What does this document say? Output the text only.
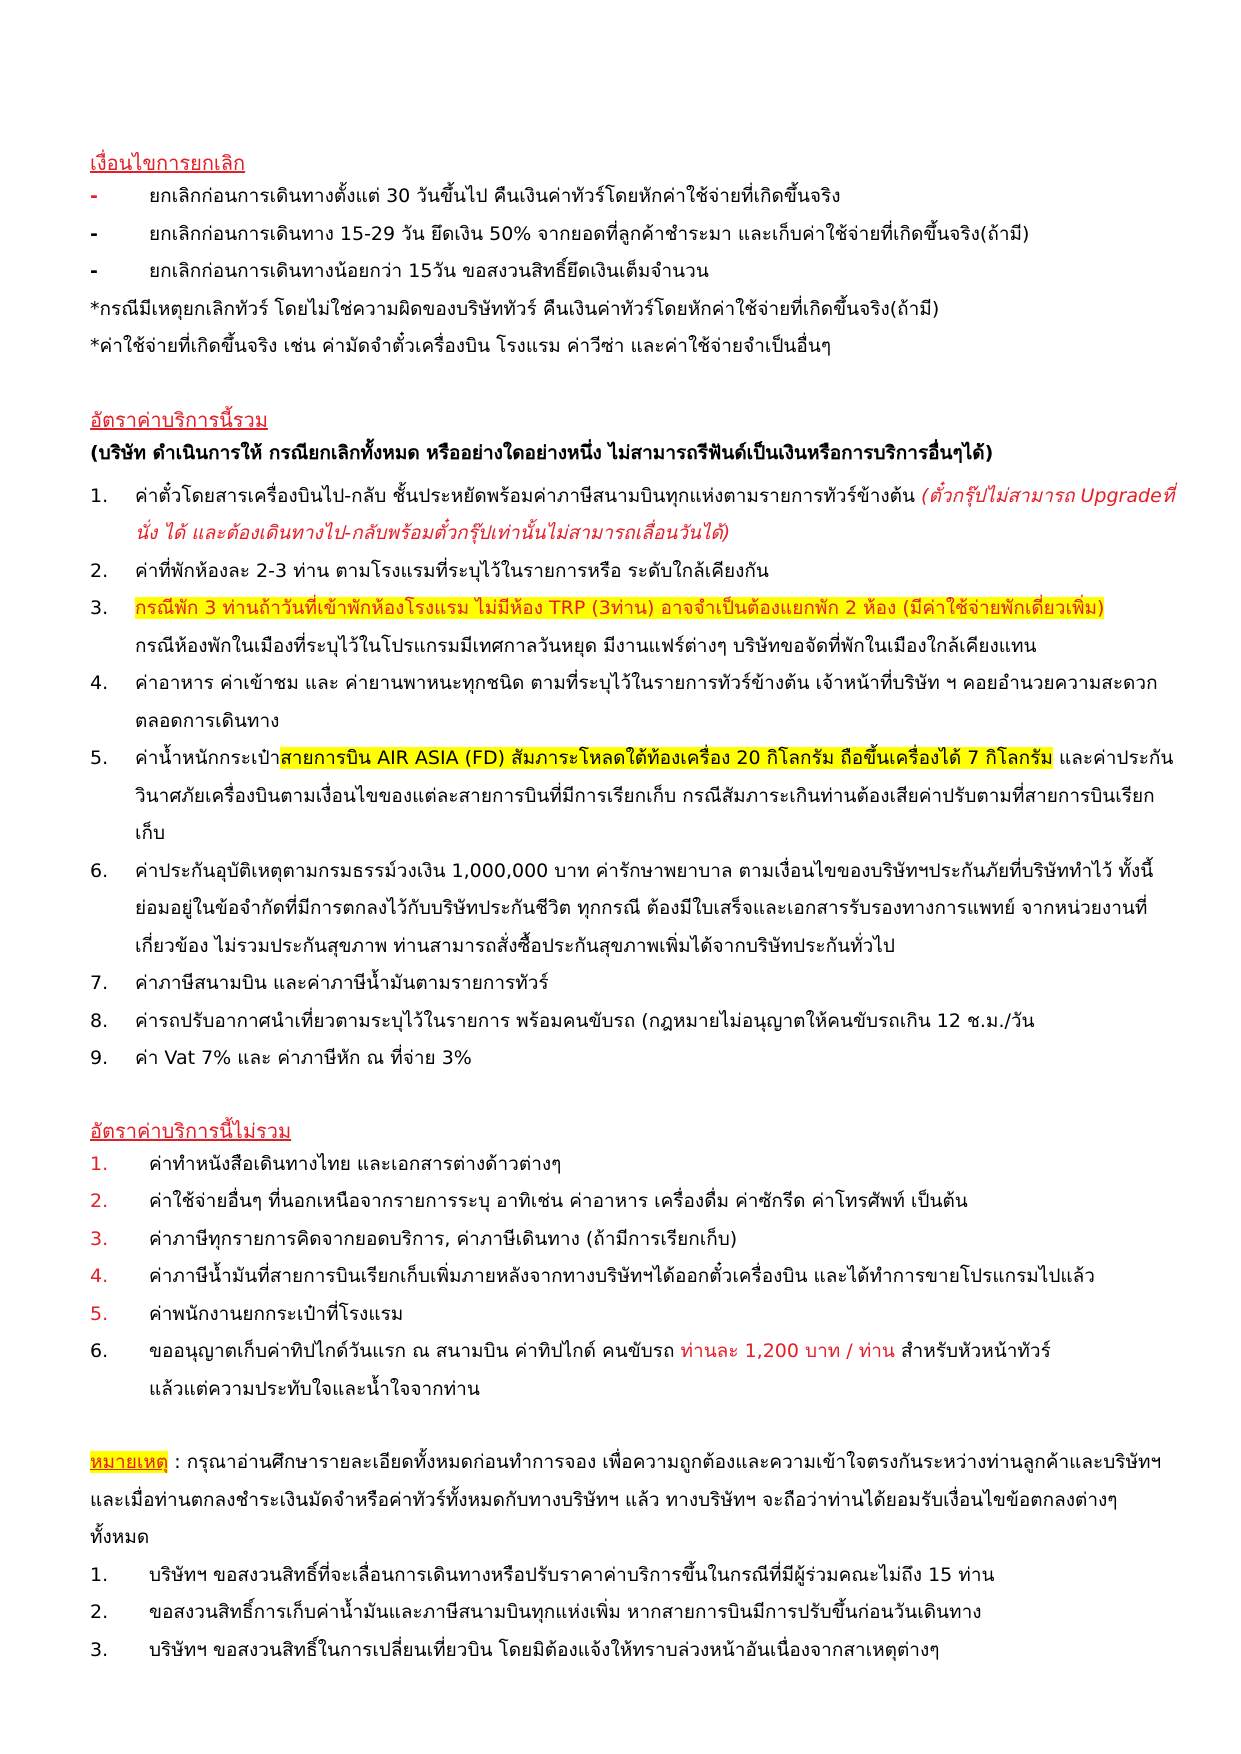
เงื่อนไขการยกเลิก
-	ยกเลิกก่อนการเดินทางตั้งแต่ 30 วันขึ้นไป คืนเงินค่าทัวร์โดยหักค่าใช้จ่ายที่เกิดขึ้นจริง
-	ยกเลิกก่อนการเดินทาง 15-29 วัน ยึดเงิน 50% จากยอดที่ลูกค้าชำระมา และเก็บค่าใช้จ่ายที่เกิดขึ้นจริง(ถ้ามี)
-	ยกเลิกก่อนการเดินทางน้อยกว่า 15วัน ขอสงวนสิทธิ์ยึดเงินเต็มจำนวน
*กรณีมีเหตุยกเลิกทัวร์ โดยไม่ใช่ความผิดของบริษัททัวร์ คืนเงินค่าทัวร์โดยหักค่าใช้จ่ายที่เกิดขึ้นจริง(ถ้ามี)
*ค่าใช้จ่ายที่เกิดขึ้นจริง เช่น ค่ามัดจำตั๋วเครื่องบิน โรงแรม ค่าวีซ่า และค่าใช้จ่ายจำเป็นอื่นๆ
อัตราค่าบริการนี้รวม
(บริษัท ดำเนินการให้ กรณียกเลิกทั้งหมด หรืออย่างใดอย่างหนึ่ง ไม่สามารถรีฟันด์เป็นเงินหรือการบริการอื่นๆได้)
1.	ค่าตั๋วโดยสารเครื่องบินไป-กลับ ชั้นประหยัดพร้อมค่าภาษีสนามบินทุกแห่งตามรายการทัวร์ข้างต้น (ตั๋วกรุ๊ปไม่สามารถ Upgradeที่นั่ง ได้ และต้องเดินทางไป-กลับพร้อมตั๋วกรุ๊ปเท่านั้นไม่สามารถเลื่อนวันได้)
2.	ค่าที่พักห้องละ 2-3 ท่าน ตามโรงแรมที่ระบุไว้ในรายการหรือ ระดับใกล้เคียงกัน
3.	กรณีพัก 3 ท่านถ้าวันที่เข้าพักห้องโรงแรม ไม่มีห้อง TRP (3ท่าน) อาจจำเป็นต้องแยกพัก 2 ห้อง (มีค่าใช้จ่ายพักเดี่ยวเพิ่ม)
กรณีห้องพักในเมืองที่ระบุไว้ในโปรแกรมมีเทศกาลวันหยุด มีงานแฟร์ต่างๆ บริษัทขอจัดที่พักในเมืองใกล้เคียงแทน
4.	ค่าอาหาร ค่าเข้าชม และ ค่ายานพาหนะทุกชนิด ตามที่ระบุไว้ในรายการทัวร์ข้างต้น เจ้าหน้าที่บริษัท ฯ คอยอำนวยความสะดวกตลอดการเดินทาง
5.	ค่าน้ำหนักกระเป๋าสายการบิน AIR ASIA (FD) สัมภาระโหลดใต้ท้องเครื่อง 20 กิโลกรัม ถือขึ้นเครื่องได้ 7 กิโลกรัม และค่าประกันวินาศภัยเครื่องบินตามเงื่อนไขของแต่ละสายการบินที่มีการเรียกเก็บ กรณีสัมภาระเกินท่านต้องเสียค่าปรับตามที่สายการบินเรียกเก็บ
6.	ค่าประกันอุบัติเหตุตามกรมธรรม์วงเงิน 1,000,000 บาท ค่ารักษาพยาบาล ตามเงื่อนไขของบริษัทฯประกันภัยที่บริษัททำไว้ ทั้งนี้ย่อมอยู่ในข้อจำกัดที่มีการตกลงไว้กับบริษัทประกันชีวิต ทุกกรณี ต้องมีใบเสร็จและเอกสารรับรองทางการแพทย์ จากหน่วยงานที่เกี่ยวข้อง ไม่รวมประกันสุขภาพ ท่านสามารถสั่งซื้อประกันสุขภาพเพิ่มได้จากบริษัทประกันทั่วไป
7.	ค่าภาษีสนามบิน และค่าภาษีน้ำมันตามรายการทัวร์
8.	ค่ารถปรับอากาศนำเที่ยวตามระบุไว้ในรายการ พร้อมคนขับรถ (กฎหมายไม่อนุญาตให้คนขับรถเกิน 12 ช.ม./วัน
9.	ค่า Vat 7% และ ค่าภาษีหัก ณ ที่จ่าย 3%
อัตราค่าบริการนี้ไม่รวม
1.	ค่าทำหนังสือเดินทางไทย และเอกสารต่างด้าวต่างๆ
2.	ค่าใช้จ่ายอื่นๆ ที่นอกเหนือจากรายการระบุ อาทิเช่น ค่าอาหาร เครื่องดื่ม ค่าซักรีด ค่าโทรศัพท์ เป็นต้น
3.	ค่าภาษีทุกรายการคิดจากยอดบริการ, ค่าภาษีเดินทาง (ถ้ามีการเรียกเก็บ)
4.	ค่าภาษีน้ำมันที่สายการบินเรียกเก็บเพิ่มภายหลังจากทางบริษัทฯได้ออกตั๋วเครื่องบิน และได้ทำการขายโปรแกรมไปแล้ว
5.	ค่าพนักงานยกกระเป๋าที่โรงแรม
6.	ขออนุญาตเก็บค่าทิปไกด์วันแรก ณ สนามบิน ค่าทิปไกด์ คนขับรถ ท่านละ 1,200 บาท / ท่าน สำหรับหัวหน้าทัวร์
แล้วแต่ความประทับใจและน้ำใจจากท่าน
หมายเหตุ : กรุณาอ่านศึกษารายละเอียดทั้งหมดก่อนทำการจอง เพื่อความถูกต้องและความเข้าใจตรงกันระหว่างท่านลูกค้าและบริษัทฯ และเมื่อท่านตกลงชำระเงินมัดจำหรือค่าทัวร์ทั้งหมดกับทางบริษัทฯ แล้ว ทางบริษัทฯ จะถือว่าท่านได้ยอมรับเงื่อนไขข้อตกลงต่างๆ ทั้งหมด
1.	บริษัทฯ ขอสงวนสิทธิ์ที่จะเลื่อนการเดินทางหรือปรับราคาค่าบริการขึ้นในกรณีที่มีผู้ร่วมคณะไม่ถึง 15 ท่าน
2.	ขอสงวนสิทธิ์การเก็บค่าน้ำมันและภาษีสนามบินทุกแห่งเพิ่ม หากสายการบินมีการปรับขึ้นก่อนวันเดินทาง
3.	บริษัทฯ ขอสงวนสิทธิ์ในการเปลี่ยนเที่ยวบิน โดยมิต้องแจ้งให้ทราบล่วงหน้าอันเนื่องจากสาเหตุต่างๆ
